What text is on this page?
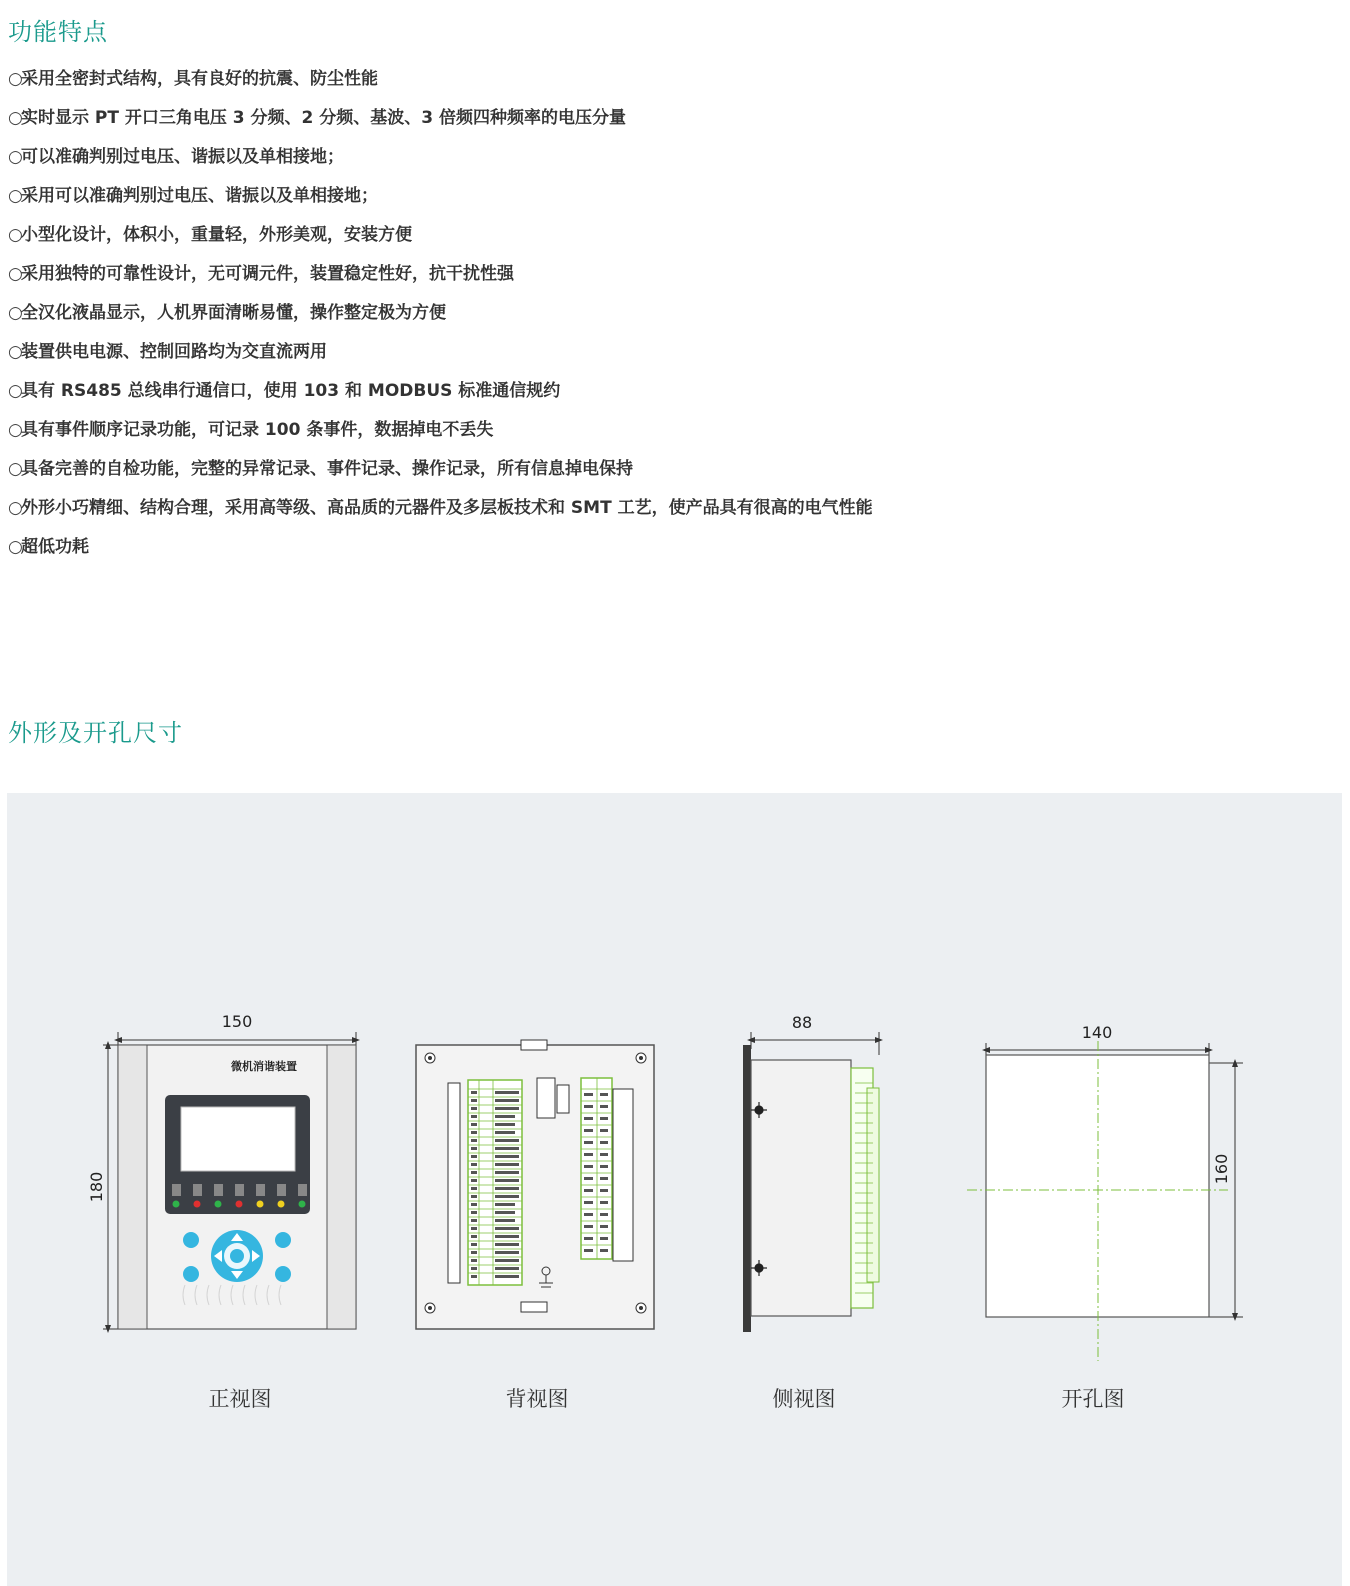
功能特点
○采用全密封式结构，具有良好的抗震、防尘性能
○实时显示 PT 开口三角电压 3 分频、2 分频、基波、3 倍频四种频率的电压分量
○可以准确判别过电压、谐振以及单相接地；
○采用可以准确判别过电压、谐振以及单相接地；
○小型化设计，体积小，重量轻，外形美观，安装方便
○采用独特的可靠性设计，无可调元件，装置稳定性好，抗干扰性强
○全汉化液晶显示，人机界面清晰易懂，操作整定极为方便
○装置供电电源、控制回路均为交直流两用
○具有 RS485 总线串行通信口，使用 103 和 MODBUS 标准通信规约
○具有事件顺序记录功能，可记录 100 条事件，数据掉电不丢失
○具备完善的自检功能，完整的异常记录、事件记录、操作记录，所有信息掉电保持
○外形小巧精细、结构合理，采用高等级、高品质的元器件及多层板技术和 SMT 工艺，使产品具有很高的电气性能
○超低功耗
外形及开孔尺寸
150
180
微机消谐装置
88
140
160
正视图	背视图	侧视图	开孔图
